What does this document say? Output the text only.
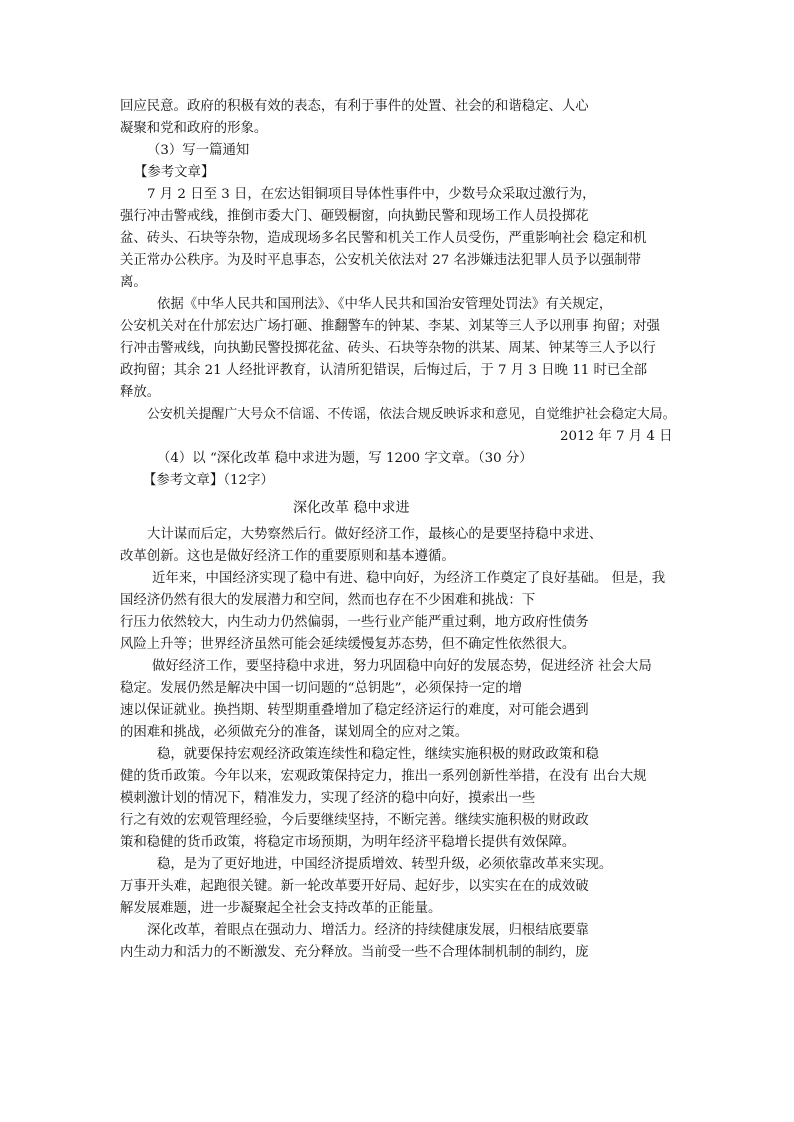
回应民意。政府的积极有效的表态，有利于事件的处置、社会的和谐稳定、人心
凝聚和党和政府的形象。
（3）写一篇通知
【参考文章】
7 月 2 日至 3 日，在宏达钼铜项目导体性事件中，少数号众采取过激行为，
强行冲击警戒线，推倒市委大门、砸毁橱窗，向执勤民警和现场工作人员投掷花
盆、砖头、石块等杂物，造成现场多名民警和机关工作人员受伤，严重影响社会 稳定和机
关正常办公秩序。为及时平息事态，公安机关依法对 27 名涉嫌违法犯罪人员予以强制带
离。
依据《中华人民共和国刑法》、《中华人民共和国治安管理处罚法》有关规定，
公安机关对在什邡宏达广场打砸、推翻警车的钟某、李某、刘某等三人予以刑事 拘留；对强
行冲击警戒线，向执勤民警投掷花盆、砖头、石块等杂物的洪某、周某、钟某等三人予以行
政拘留；其余 21 人经批评教育，认清所犯错误，后悔过后，于 7 月 3 日晚 11 时已全部
释放。
公安机关提醒广大号众不信谣、不传谣，依法合规反映诉求和意见，自觉维护社会稳定大局。
2012 年 7 月 4 日
（4）以 “深化改革 稳中求进为题，写 1200 字文章。（30 分）
【参考文章】（12字）
深化改革 稳中求进
大计谋而后定，大势察然后行。做好经济工作，最核心的是要坚持稳中求进、
改革创新。这也是做好经济工作的重要原则和基本遵循。
近年来，中国经济实现了稳中有进、稳中向好，为经济工作奠定了良好基础。 但是，我
国经济仍然有很大的发展潜力和空间，然而也存在不少困难和挑战：下
行压力依然较大，内生动力仍然偏弱，一些行业产能严重过剩，地方政府性债务
风险上升等；世界经济虽然可能会延续缓慢复苏态势，但不确定性依然很大。
做好经济工作，要坚持稳中求进，努力巩固稳中向好的发展态势，促进经济 社会大局
稳定。发展仍然是解决中国一切问题的“总钥匙”，必须保持一定的增
速以保证就业。换挡期、转型期重叠增加了稳定经济运行的难度，对可能会遇到
的困难和挑战，必须做充分的准备，谋划周全的应对之策。
稳，就要保持宏观经济政策连续性和稳定性，继续实施积极的财政政策和稳
健的货币政策。今年以来，宏观政策保持定力，推出一系列创新性举措，在没有 出台大规
模刺激计划的情况下，精准发力，实现了经济的稳中向好，摸索出一些
行之有效的宏观管理经验，今后要继续坚持，不断完善。继续实施积极的财政政
策和稳健的货币政策，将稳定市场预期，为明年经济平稳增长提供有效保障。
稳，是为了更好地进，中国经济提质增效、转型升级，必须依靠改革来实现。
万事开头难，起跑很关键。新一轮改革要开好局、起好步，以实实在在的成效破
解发展难题，进一步凝聚起全社会支持改革的正能量。
深化改革，着眼点在强动力、增活力。经济的持续健康发展，归根结底要靠
内生动力和活力的不断激发、充分释放。当前受一些不合理体制机制的制约，庞
